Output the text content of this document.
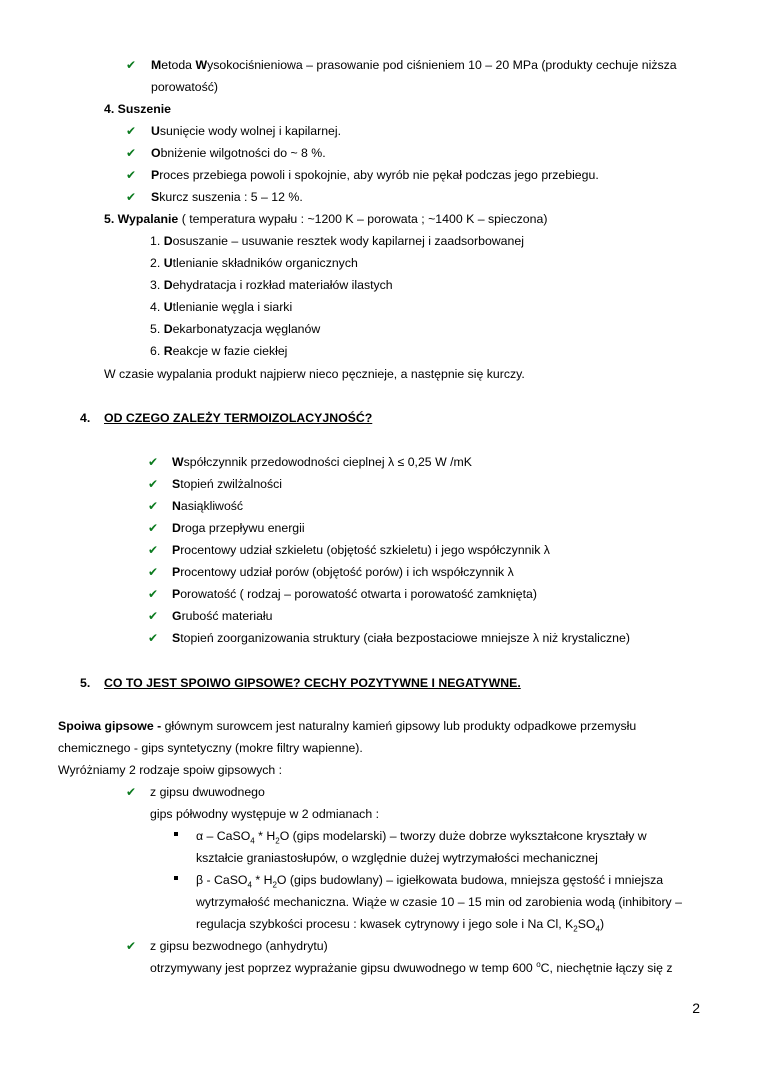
✔ Metoda Wysokociśnieniowa – prasowanie pod ciśnieniem 10 – 20 MPa (produkty cechuje niższa
porowatość)
4. Suszenie
✔ Usunięcie wody wolnej i kapilarnej.
✔ Obniżenie wilgotności do ~ 8 %.
✔ Proces przebiega powoli i spokojnie, aby wyrób nie pękał podczas jego przebiegu.
✔ Skurcz suszenia : 5 – 12 %.
5. Wypalanie ( temperatura wypału : ~1200 K – porowata ; ~1400 K – spieczona)
1. Dosuszanie – usuwanie resztek wody kapilarnej i zaadsorbowanej
2. Utlenianie składników organicznych
3. Dehydratacja i rozkład materiałów ilastych
4. Utlenianie węgla i siarki
5. Dekarbonatyzacja węglanów
6. Reakcje w fazie ciekłej
W czasie wypalania produkt najpierw nieco pęcznieje, a następnie się kurczy.
4. OD CZEGO ZALEŻY TERMOIZOLACYJNOŚĆ?
✔ Współczynnik przedowodności cieplnej λ ≤ 0,25 W /mK
✔ Stopień zwilżalności
✔ Nasiąkliwość
✔ Droga przepływu energii
✔ Procentowy udział szkieletu (objętość szkieletu) i jego współczynnik λ
✔ Procentowy udział porów (objętość porów) i ich współczynnik λ
✔ Porowatość ( rodzaj – porowatość otwarta i porowatość zamknięta)
✔ Grubość materiału
✔ Stopień zoorganizowania struktury (ciała bezpostaciowe mniejsze λ niż krystaliczne)
5. CO TO JEST SPOIWO GIPSOWE? CECHY POZYTYWNE I NEGATYWNE.
Spoiwa gipsowe - głównym surowcem jest naturalny kamień gipsowy lub produkty odpadkowe przemysłu
chemicznego - gips syntetyczny (mokre filtry wapienne).
Wyróżniamy 2 rodzaje spoiw gipsowych :
✔ z gipsu dwuwodnego
gips półwodny występuje w 2 odmianach :
α – CaSO$_4$ * $H_2O$ (gips modelarski) – tworzy duże dobrze wykształcone kryształy w
kształcie graniastosłupów, o względnie dużej wytrzymałości mechanicznej
β - CaSO$_4$ * $H_2O$ (gips budowlany) – igiełkowata budowa, mniejsza gęstość i mniejsza
wytrzymałość mechaniczna. Wiąże w czasie 10 – 15 min od zarobienia wodą (inhibitory –
regulacja szybkości procesu : kwasek cytrynowy i jego sole i Na Cl, $K_2SO_4$)
✔ z gipsu bezwodnego (anhydrytu)
otrzymywany jest poprzez wyprażanie gipsu dwuwodnego w temp 600 $^o$C, niechętnie łączy się z
2
